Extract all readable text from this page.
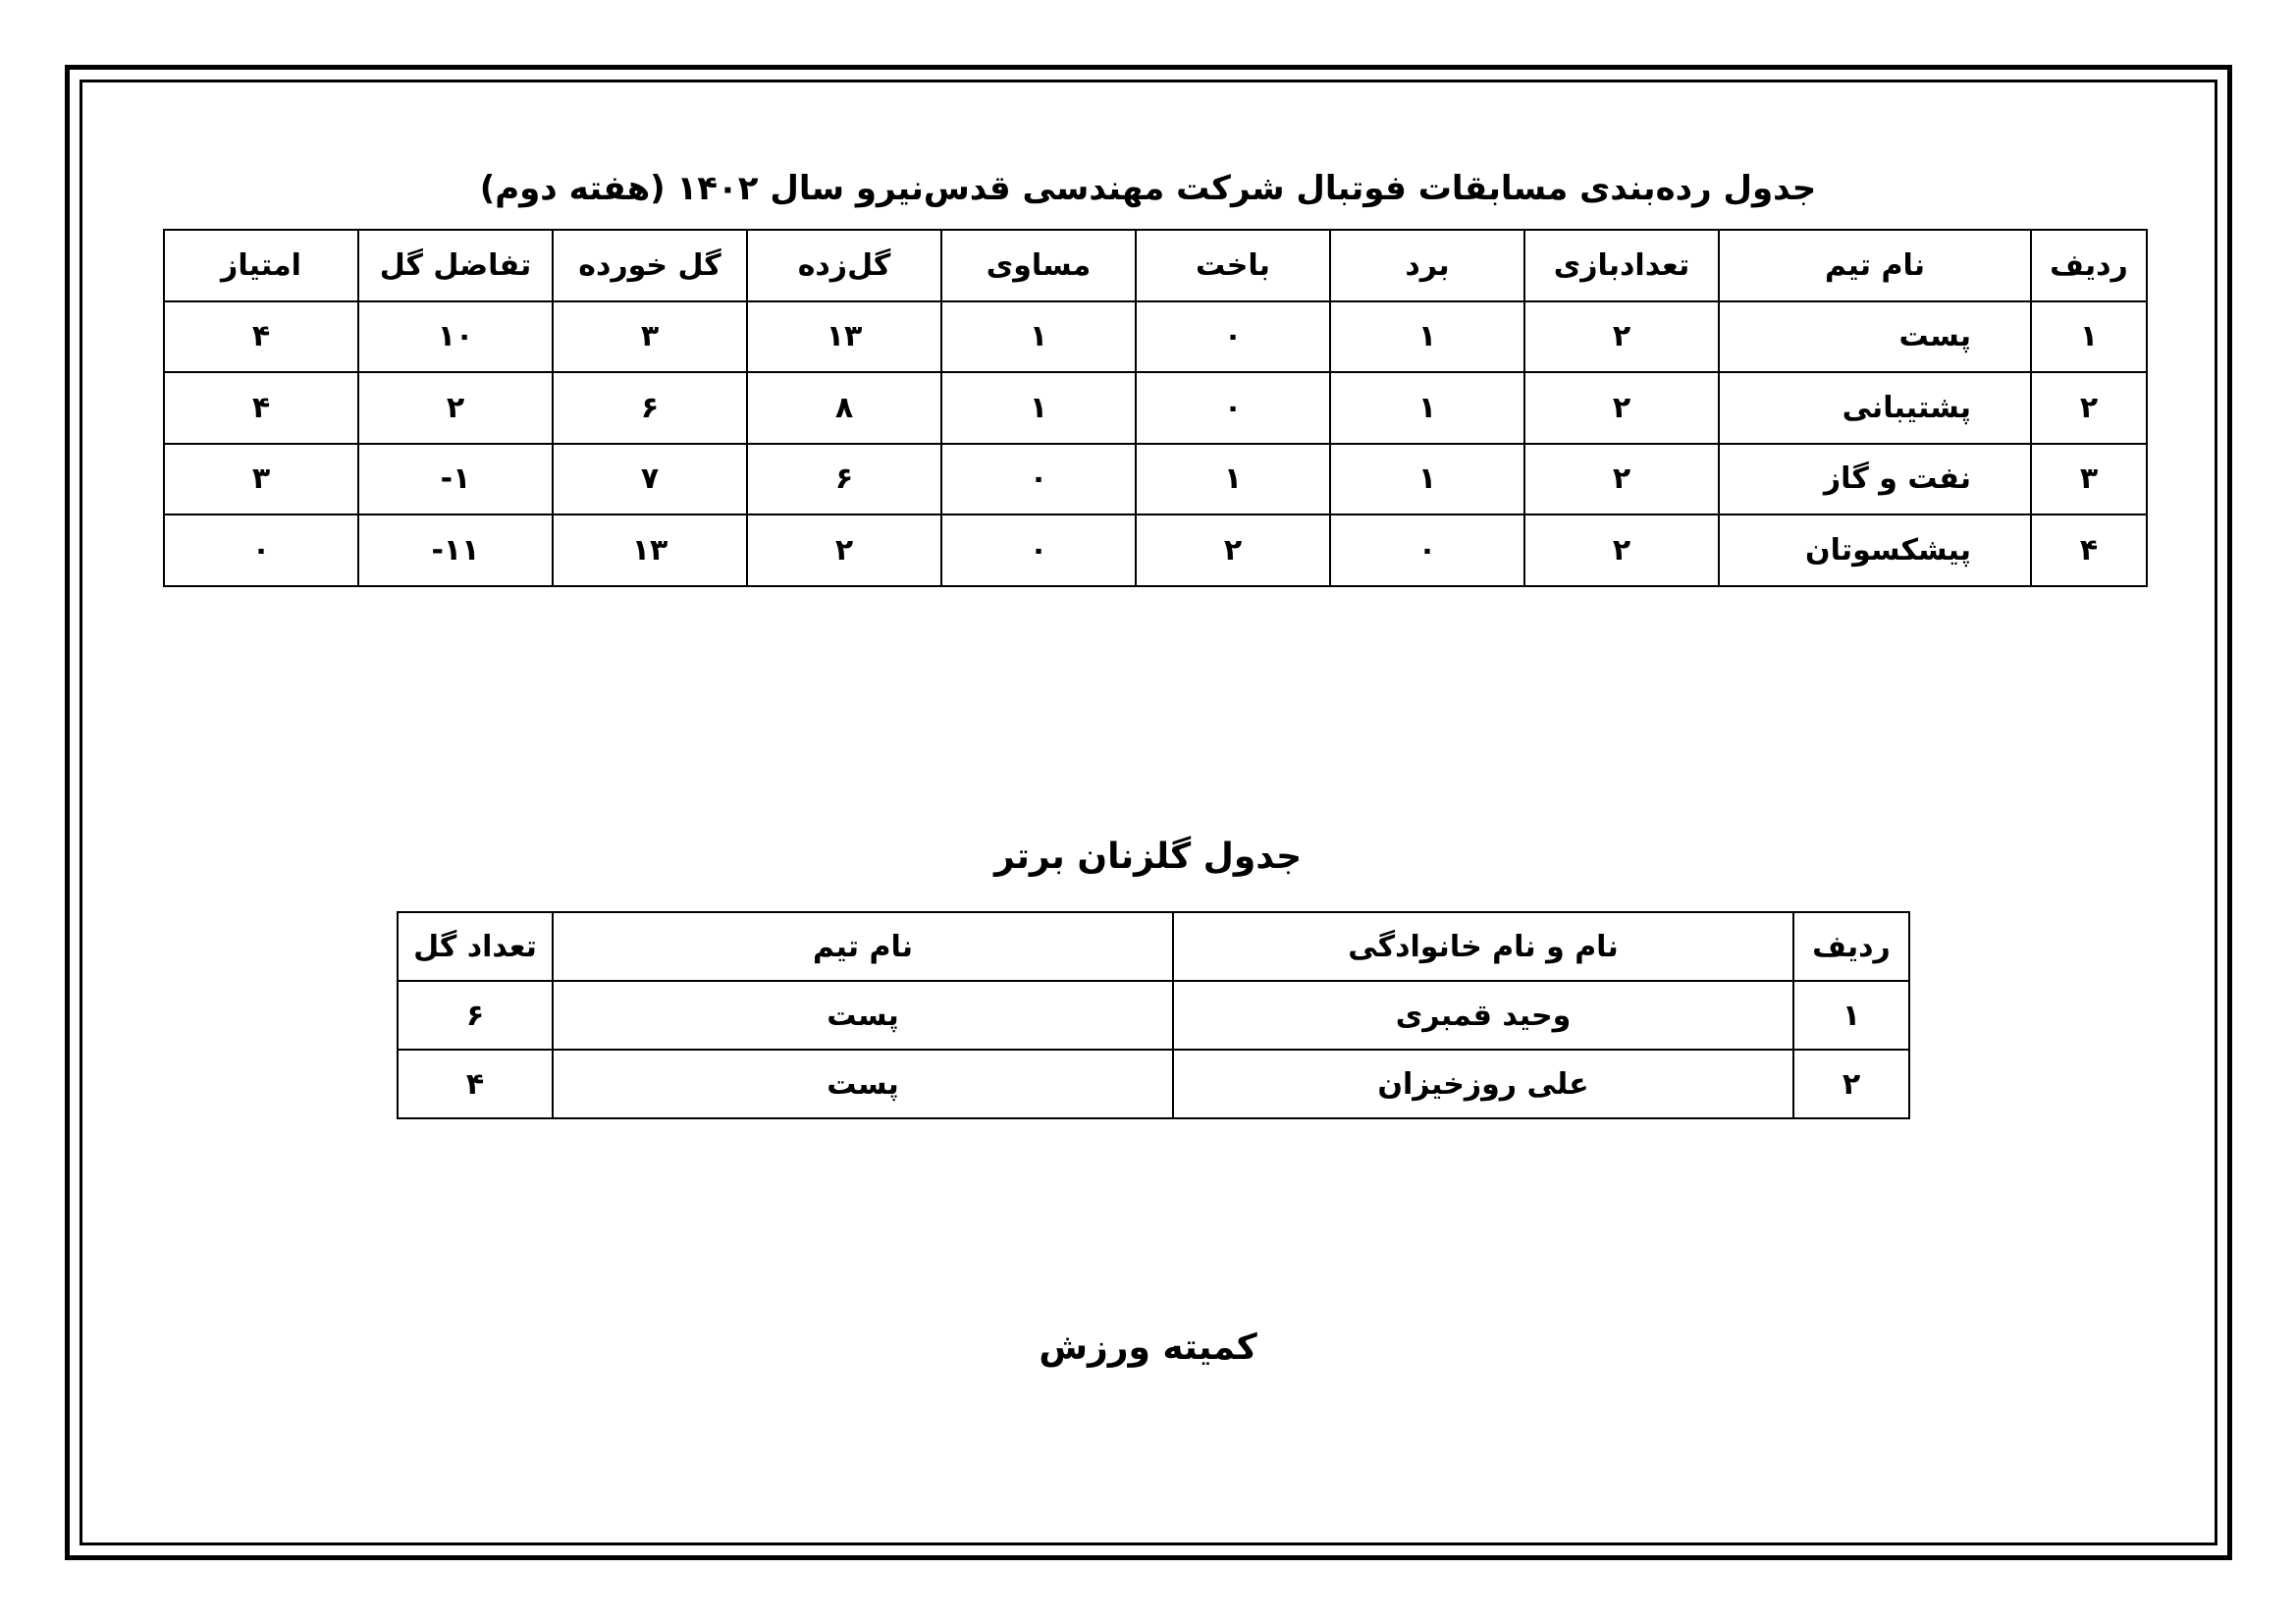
جدول رده‌بندی مسابقات فوتبال شرکت مهندسی قدس‌نیرو سال ۱۴۰۲ (هفته دوم)
ردیف	نام تیم	تعدادبازی	برد	باخت	مساوی	گل‌زده	گل خورده	تفاضل گل	امتیاز
۱	پست	۲	۱	۰	۱	۱۳	۳	۱۰	۴
۲	پشتیبانی	۲	۱	۰	۱	۸	۶	۲	۴
۳	نفت و گاز	۲	۱	۱	۰	۶	۷	۱-	۳
۴	پیشکسوتان	۲	۰	۲	۰	۲	۱۳	۱۱-	۰
جدول گلزنان برتر
ردیف	نام و نام خانوادگی	نام تیم	تعداد گل
۱	وحید قمبری	پست	۶
۲	علی روزخیزان	پست	۴
کمیته ورزش
